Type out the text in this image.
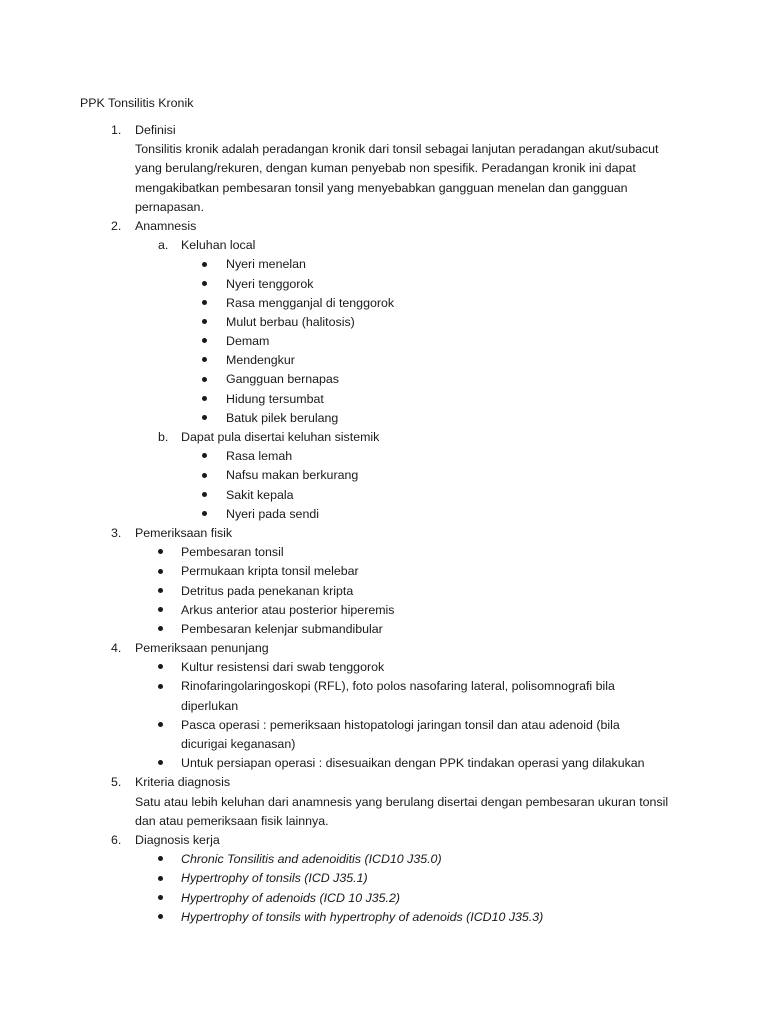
PPK Tonsilitis Kronik
1. Definisi
Tonsilitis kronik adalah peradangan kronik dari tonsil sebagai lanjutan peradangan akut/subacut
yang berulang/rekuren, dengan kuman penyebab non spesifik. Peradangan kronik ini dapat
mengakibatkan pembesaran tonsil yang menyebabkan gangguan menelan dan gangguan
pernapasan.
2. Anamnesis
a. Keluhan local
Nyeri menelan
Nyeri tenggorok
Rasa mengganjal di tenggorok
Mulut berbau (halitosis)
Demam
Mendengkur
Gangguan bernapas
Hidung tersumbat
Batuk pilek berulang
b. Dapat pula disertai keluhan sistemik
Rasa lemah
Nafsu makan berkurang
Sakit kepala
Nyeri pada sendi
3. Pemeriksaan fisik
Pembesaran tonsil
Permukaan kripta tonsil melebar
Detritus pada penekanan kripta
Arkus anterior atau posterior hiperemis
Pembesaran kelenjar submandibular
4. Pemeriksaan penunjang
Kultur resistensi dari swab tenggorok
Rinofaringolaringoskopi (RFL), foto polos nasofaring lateral, polisomnografi bila
diperlukan
Pasca operasi : pemeriksaan histopatologi jaringan tonsil dan atau adenoid (bila
dicurigai keganasan)
Untuk persiapan operasi : disesuaikan dengan PPK tindakan operasi yang dilakukan
5. Kriteria diagnosis
Satu atau lebih keluhan dari anamnesis yang berulang disertai dengan pembesaran ukuran tonsil
dan atau pemeriksaan fisik lainnya.
6. Diagnosis kerja
Chronic Tonsilitis and adenoiditis (ICD10 J35.0)
Hypertrophy of tonsils (ICD J35.1)
Hypertrophy of adenoids (ICD 10 J35.2)
Hypertrophy of tonsils with hypertrophy of adenoids (ICD10 J35.3)
